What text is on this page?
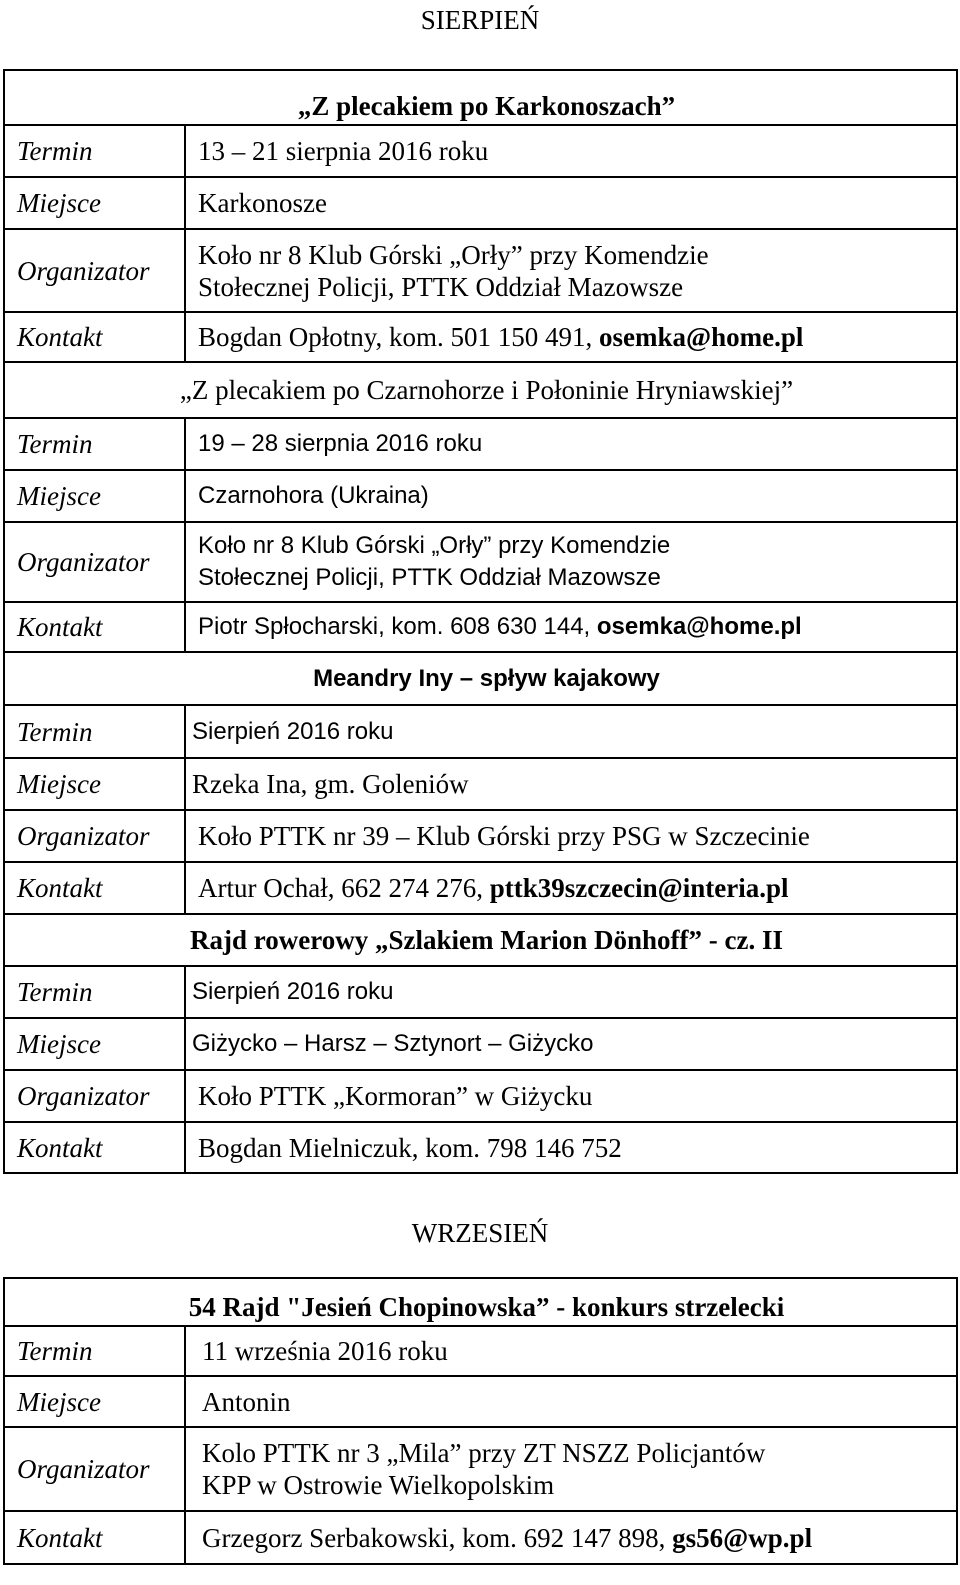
SIERPIEŃ
„Z plecakiem po Karkonoszach”	
Termin	13 – 21 sierpnia 2016 roku
Miejsce	Karkonosze
Organizator	Koło nr 8 Klub Górski „Orły” przy Komendzie
Stołecznej Policji, PTTK Oddział Mazowsze
Kontakt	Bogdan Opłotny, kom. 501 150 491, osemka@home.pl
„Z plecakiem po Czarnohorze i Połoninie Hryniawskiej”	
Termin	19 – 28 sierpnia 2016 roku
Miejsce	Czarnohora (Ukraina)
Organizator	Koło nr 8 Klub Górski „Orły” przy Komendzie
Stołecznej Policji, PTTK Oddział Mazowsze
Kontakt	Piotr Spłocharski, kom. 608 630 144, osemka@home.pl
Meandry Iny – spływ kajakowy	
Termin	Sierpień 2016 roku
Miejsce	Rzeka Ina, gm. Goleniów
Organizator	Koło PTTK nr 39 – Klub Górski przy PSG w Szczecinie
Kontakt	Artur Ochał, 662 274 276, pttk39szczecin@interia.pl
Rajd rowerowy „Szlakiem Marion Dönhoff” - cz. II	
Termin	Sierpień 2016 roku
Miejsce	Giżycko – Harsz – Sztynort – Giżycko
Organizator	Koło PTTK „Kormoran” w Giżycku
Kontakt	Bogdan Mielniczuk, kom. 798 146 752
WRZESIEŃ
54 Rajd "Jesień Chopinowska” - konkurs strzelecki	
Termin	11 września 2016 roku
Miejsce	Antonin
Organizator	Kolo PTTK nr 3 „Mila” przy ZT NSZZ Policjantów
KPP w Ostrowie Wielkopolskim
Kontakt	Grzegorz Serbakowski, kom. 692 147 898, gs56@wp.pl
